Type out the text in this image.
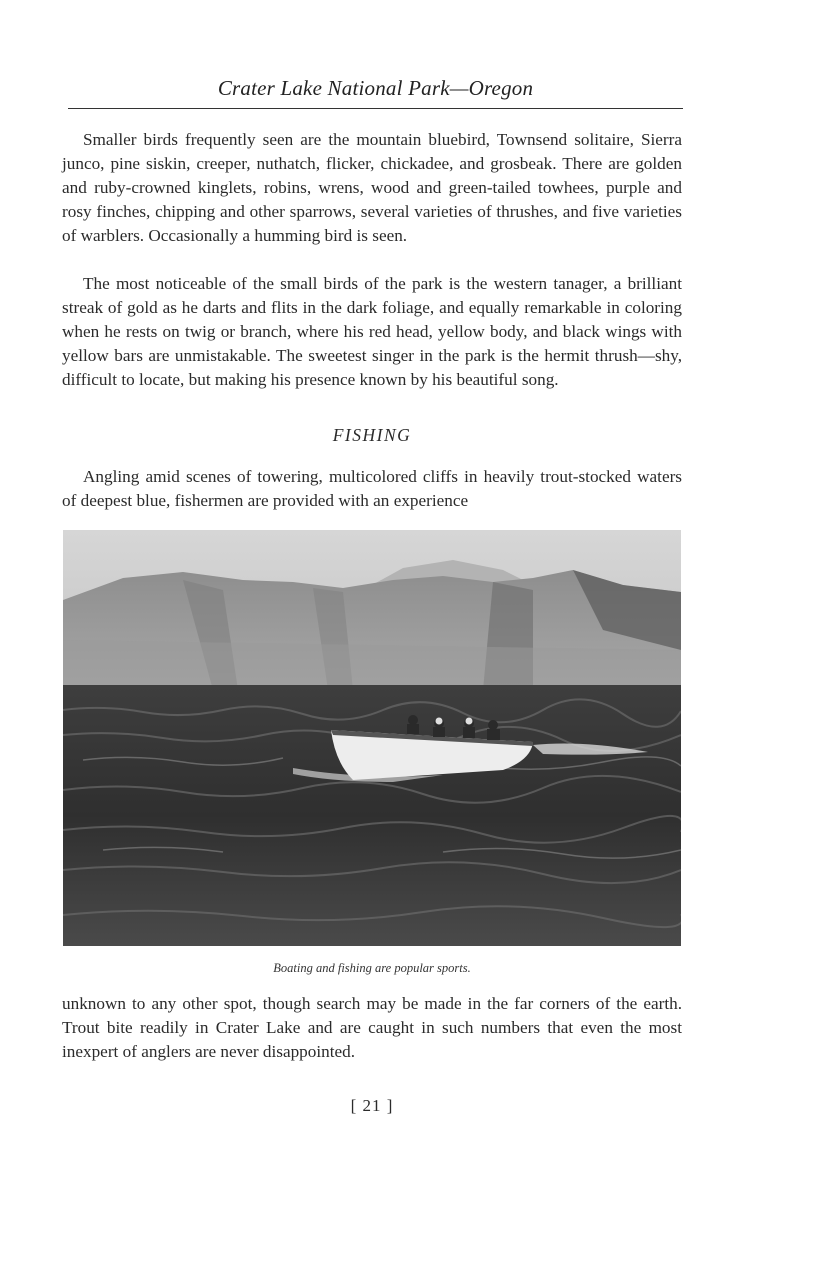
Crater Lake National Park—Oregon

Smaller birds frequently seen are the mountain bluebird, Townsend solitaire, Sierra junco, pine siskin, creeper, nuthatch, flicker, chickadee, and grosbeak. There are golden and ruby-crowned kinglets, robins, wrens, wood and green-tailed towhees, purple and rosy finches, chipping and other sparrows, several varieties of thrushes, and five varieties of warblers. Occasionally a humming bird is seen.

The most noticeable of the small birds of the park is the western tanager, a brilliant streak of gold as he darts and flits in the dark foliage, and equally remarkable in coloring when he rests on twig or branch, where his red head, yellow body, and black wings with yellow bars are unmistakable. The sweetest singer in the park is the hermit thrush—shy, difficult to locate, but making his presence known by his beautiful song.

FISHING

Angling amid scenes of towering, multicolored cliffs in heavily trout-stocked waters of deepest blue, fishermen are provided with an experience

Boating and fishing are popular sports.

unknown to any other spot, though search may be made in the far corners of the earth. Trout bite readily in Crater Lake and are caught in such numbers that even the most inexpert of anglers are never disappointed.

[ 21 ]
